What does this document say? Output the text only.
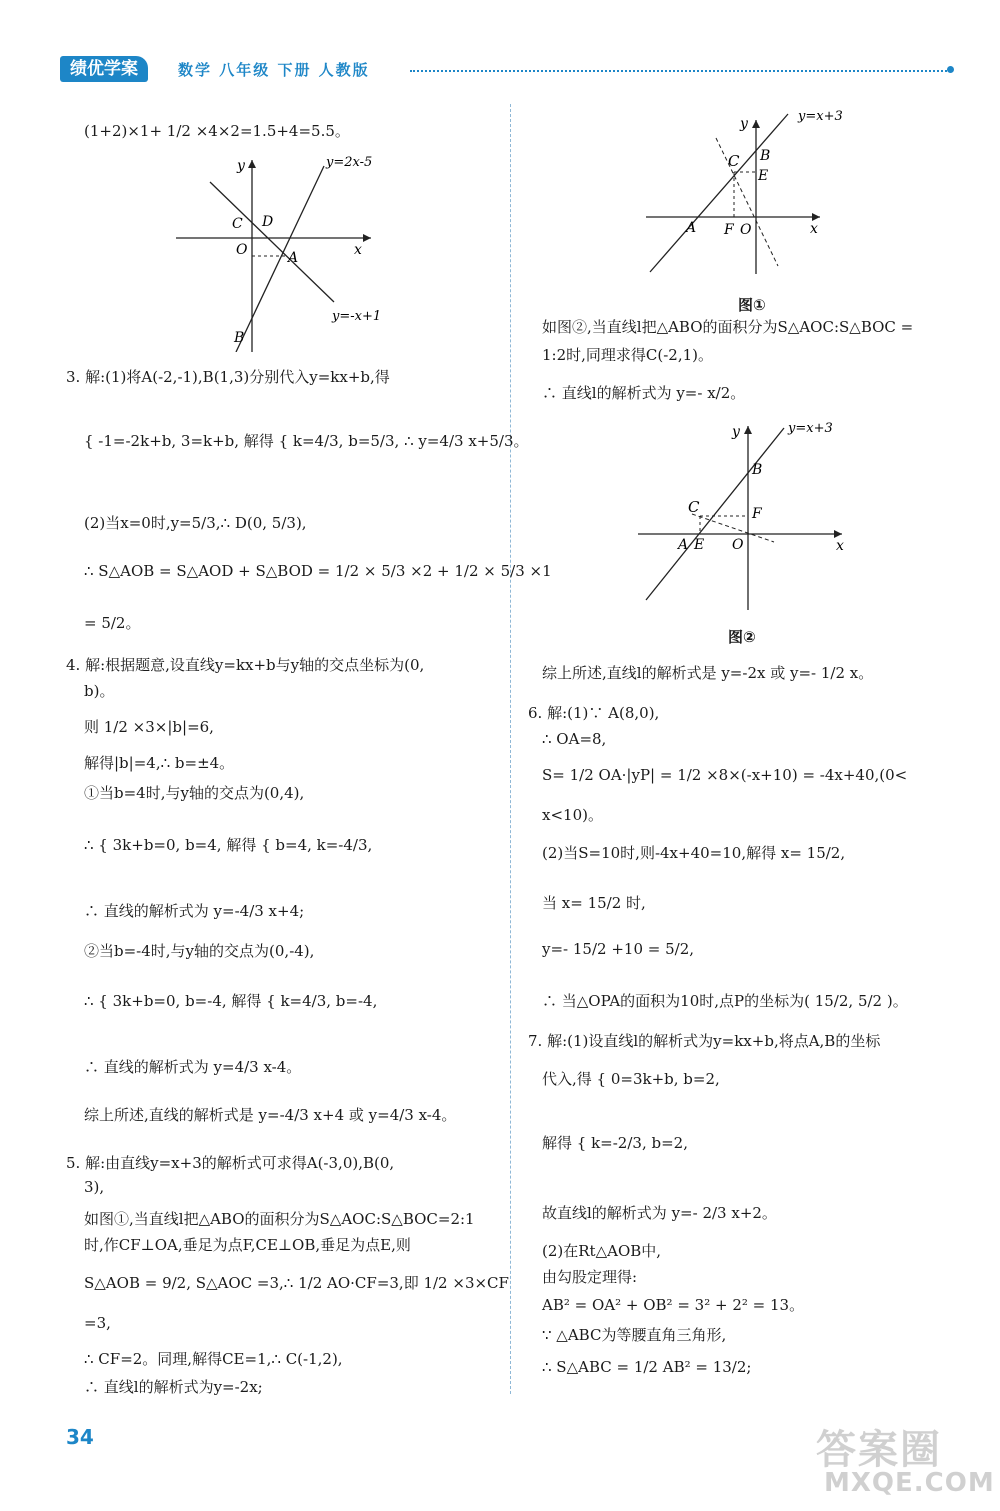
绩优学案	数学 八年级 下册 人教版
(1+2)×1+ 1/2 ×4×2=1.5+4=5.5。
y	y=2x-5
C D
O	A	x
B
y=-x+1
3. 解:(1)将A(-2,-1),B(1,3)分别代入y=kx+b,得
{ -1=-2k+b, 3=k+b, 解得 { k=4/3, b=5/3, ∴ y=4/3 x+5/3。
(2)当x=0时,y=5/3,∴ D(0, 5/3),
∴ S△AOB = S△AOD + S△BOD = 1/2 × 5/3 ×2 + 1/2 × 5/3 ×1
= 5/2。
4. 解:根据题意,设直线y=kx+b与y轴的交点坐标为(0,
b)。
则 1/2 ×3×|b|=6,
解得|b|=4,∴ b=±4。
①当b=4时,与y轴的交点为(0,4),
∴ { 3k+b=0, b=4, 解得 { b=4, k=-4/3,
∴ 直线的解析式为 y=-4/3 x+4;
②当b=-4时,与y轴的交点为(0,-4),
∴ { 3k+b=0, b=-4, 解得 { k=4/3, b=-4,
∴ 直线的解析式为 y=4/3 x-4。
综上所述,直线的解析式是 y=-4/3 x+4 或 y=4/3 x-4。
5. 解:由直线y=x+3的解析式可求得A(-3,0),B(0,
3),
如图①,当直线l把△ABO的面积分为S△AOC:S△BOC=2:1
时,作CF⊥OA,垂足为点F,CE⊥OB,垂足为点E,则
S△AOB = 9/2, S△AOC =3,∴ 1/2 AO·CF=3,即 1/2 ×3×CF
=3,
∴ CF=2。同理,解得CE=1,∴ C(-1,2),
∴ 直线l的解析式为y=-2x;
y	y=x+3
C B
E
A F O	x
图①
如图②,当直线l把△ABO的面积分为S△AOC:S△BOC =
1:2时,同理求得C(-2,1)。
∴ 直线l的解析式为 y=- x/2。
y	y=x+3
B
C	F
A E O	x
图②
综上所述,直线l的解析式是 y=-2x 或 y=- 1/2 x。
6. 解:(1)∵ A(8,0),
∴ OA=8,
S= 1/2 OA·|yP| = 1/2 ×8×(-x+10) = -4x+40,(0<
x<10)。
(2)当S=10时,则-4x+40=10,解得 x= 15/2,
当 x= 15/2 时,
y=- 15/2 +10 = 5/2,
∴ 当△OPA的面积为10时,点P的坐标为( 15/2, 5/2 )。
7. 解:(1)设直线l的解析式为y=kx+b,将点A,B的坐标
代入,得 { 0=3k+b, b=2,
解得 { k=-2/3, b=2,
故直线l的解析式为 y=- 2/3 x+2。
(2)在Rt△AOB中,
由勾股定理得:
AB² = OA² + OB² = 3² + 2² = 13。
∵ △ABC为等腰直角三角形,
∴ S△ABC = 1/2 AB² = 13/2;
34	答案圈
MXQE.COM
